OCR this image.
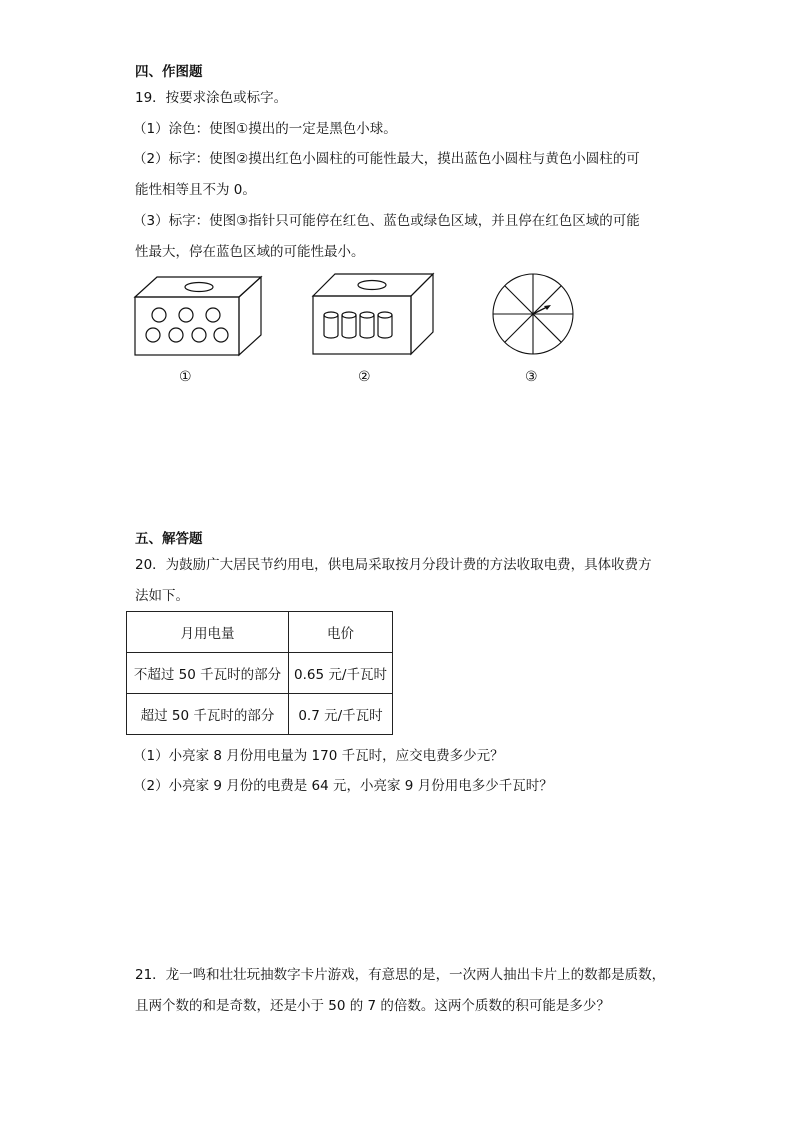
四、作图题
19．按要求涂色或标字。
（1）涂色：使图①摸出的一定是黑色小球。
（2）标字：使图②摸出红色小圆柱的可能性最大，摸出蓝色小圆柱与黄色小圆柱的可
能性相等且不为 0。
（3）标字：使图③指针只可能停在红色、蓝色或绿色区域，并且停在红色区域的可能
性最大，停在蓝色区域的可能性最小。
①	②	③
五、解答题
20．为鼓励广大居民节约用电，供电局采取按月分段计费的方法收取电费，具体收费方
法如下。
月用电量	电价
不超过 50 千瓦时的部分	0.65 元/千瓦时
超过 50 千瓦时的部分	0.7 元/千瓦时
（1）小亮家 8 月份用电量为 170 千瓦时，应交电费多少元？
（2）小亮家 9 月份的电费是 64 元，小亮家 9 月份用电多少千瓦时？
21．龙一鸣和壮壮玩抽数字卡片游戏，有意思的是，一次两人抽出卡片上的数都是质数，
且两个数的和是奇数，还是小于 50 的 7 的倍数。这两个质数的积可能是多少？
